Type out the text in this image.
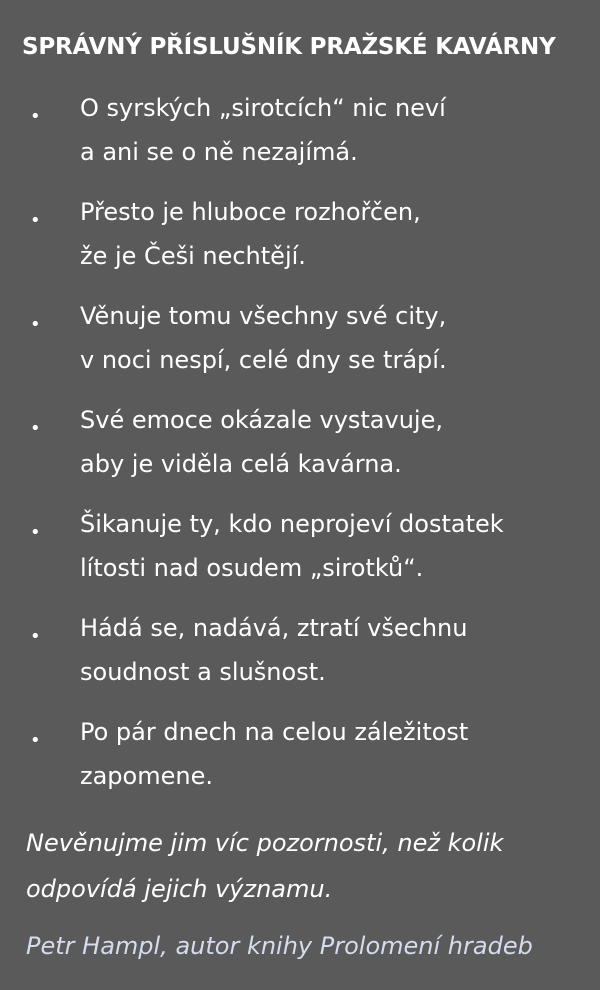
SPRÁVNÝ PŘÍSLUŠNÍK PRAŽSKÉ KAVÁRNY
• O syrských „sirotcích“ nic neví
a ani se o ně nezajímá.
• Přesto je hluboce rozhořčen,
že je Češi nechtějí.
• Věnuje tomu všechny své city,
v noci nespí, celé dny se trápí.
• Své emoce okázale vystavuje,
aby je viděla celá kavárna.
• Šikanuje ty, kdo neprojeví dostatek
lítosti nad osudem „sirotků“.
• Hádá se, nadává, ztratí všechnu
soudnost a slušnost.
• Po pár dnech na celou záležitost
zapomene.
Nevěnujme jim víc pozornosti, než kolik
odpovídá jejich významu.
Petr Hampl, autor knihy Prolomení hradeb
